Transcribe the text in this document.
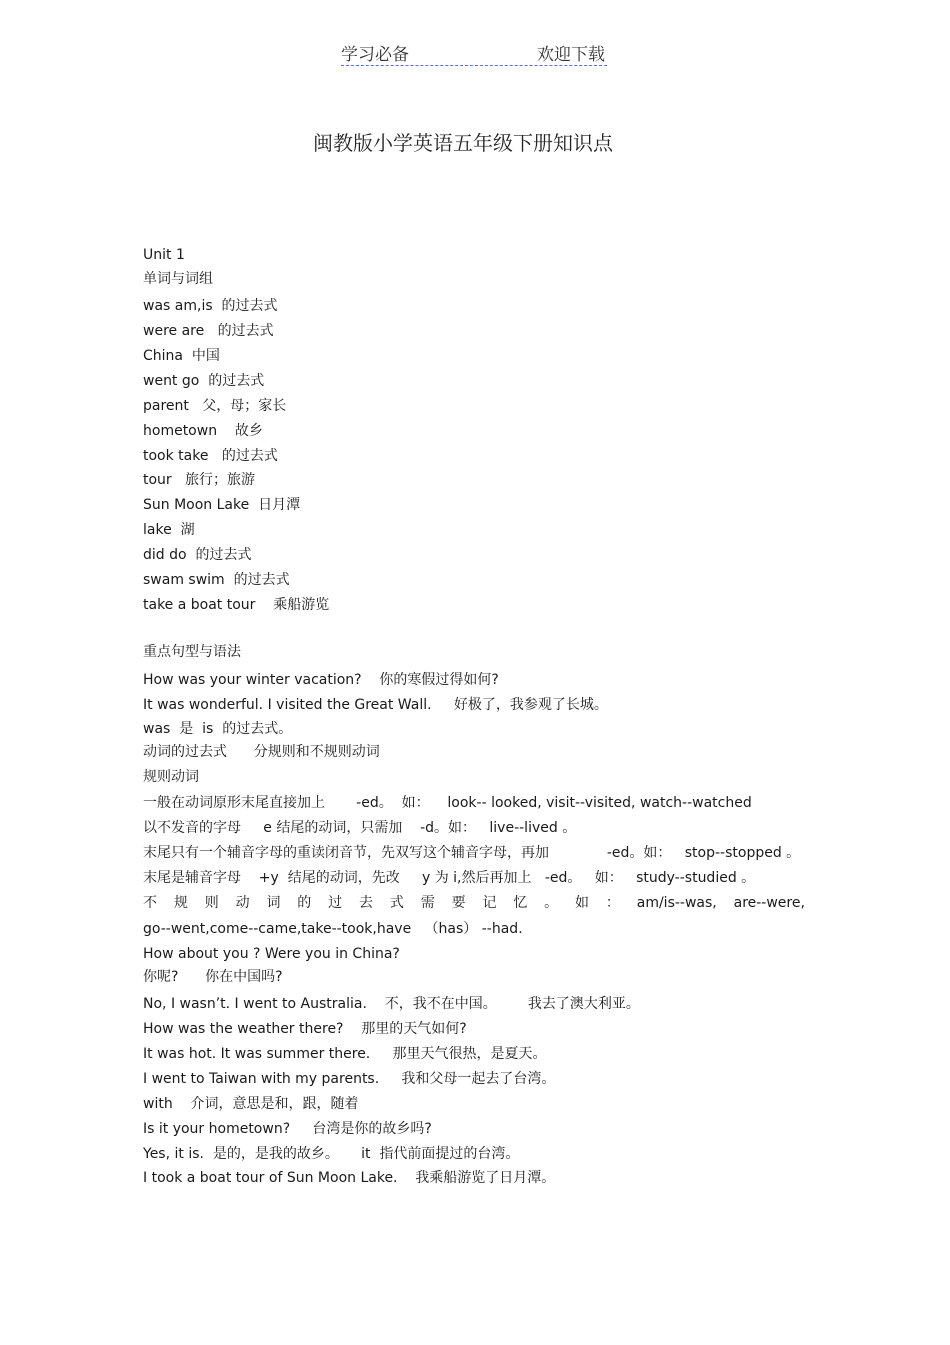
学习必备	欢迎下载
闽教版小学英语五年级下册知识点
Unit 1
单词与词组
was am,is  的过去式
were are   的过去式
China  中国
went go  的过去式
parent   父，母；家长
hometown    故乡
took take   的过去式
tour   旅行；旅游
Sun Moon Lake  日月潭
lake  湖
did do  的过去式
swam swim  的过去式
take a boat tour    乘船游览
重点句型与语法
How was your winter vacation?    你的寒假过得如何?
It was wonderful. I visited the Great Wall.     好极了，我参观了长城。
was  是  is  的过去式。
动词的过去式      分规则和不规则动词
规则动词
一般在动词原形末尾直接加上       -ed。  如：    look-- looked, visit--visited, watch--watched
以不发音的字母     e 结尾的动词，只需加    -d。如：   live--lived 。
末尾只有一个辅音字母的重读闭音节，先双写这个辅音字母，再加             -ed。如：   stop--stopped 。
末尾是辅音字母    +y  结尾的动词，先改     y 为 i,然后再加上   -ed。   如：   study--studied 。
不 规 则 动 词 的 过 去 式 需 要 记 忆 。 如 ： am/is--was, are--were,
go--went,come--came,take--took,have   （has） --had.
How about you ? Were you in China?
你呢?      你在中国吗?
No, I wasn’t. I went to Australia.    不，我不在中国。       我去了澳大利亚。
How was the weather there?    那里的天气如何?
It was hot. It was summer there.     那里天气很热，是夏天。
I went to Taiwan with my parents.     我和父母一起去了台湾。
with    介词，意思是和，跟，随着
Is it your hometown?     台湾是你的故乡吗?
Yes, it is.  是的，是我的故乡。     it  指代前面提过的台湾。
I took a boat tour of Sun Moon Lake.    我乘船游览了日月潭。
